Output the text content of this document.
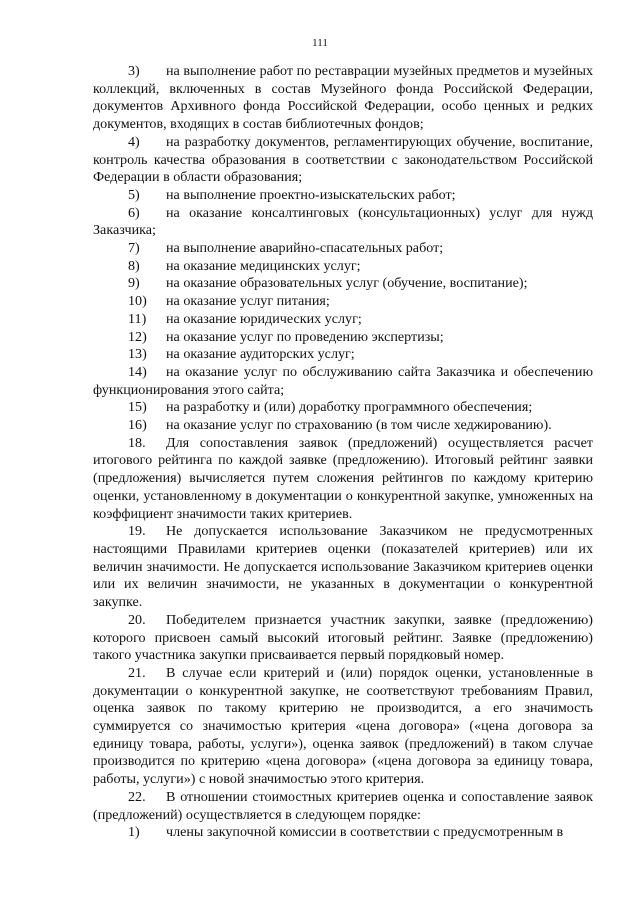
111

3) на выполнение работ по реставрации музейных предметов и музейных коллекций, включенных в состав Музейного фонда Российской Федерации, документов Архивного фонда Российской Федерации, особо ценных и редких документов, входящих в состав библиотечных фондов;

4) на разработку документов, регламентирующих обучение, воспитание, контроль качества образования в соответствии с законодательством Российской Федерации в области образования;

5) на выполнение проектно-изыскательских работ;

6) на оказание консалтинговых (консультационных) услуг для нужд Заказчика;

7) на выполнение аварийно-спасательных работ;

8) на оказание медицинских услуг;

9) на оказание образовательных услуг (обучение, воспитание);

10) на оказание услуг питания;

11) на оказание юридических услуг;

12) на оказание услуг по проведению экспертизы;

13) на оказание аудиторских услуг;

14) на оказание услуг по обслуживанию сайта Заказчика и обеспечению функционирования этого сайта;

15) на разработку и (или) доработку программного обеспечения;

16) на оказание услуг по страхованию (в том числе хеджированию).

18. Для сопоставления заявок (предложений) осуществляется расчет итогового рейтинга по каждой заявке (предложению). Итоговый рейтинг заявки (предложения) вычисляется путем сложения рейтингов по каждому критерию оценки, установленному в документации о конкурентной закупке, умноженных на коэффициент значимости таких критериев.

19. Не допускается использование Заказчиком не предусмотренных настоящими Правилами критериев оценки (показателей критериев) или их величин значимости. Не допускается использование Заказчиком критериев оценки или их величин значимости, не указанных в документации о конкурентной закупке.

20. Победителем признается участник закупки, заявке (предложению) которого присвоен самый высокий итоговый рейтинг. Заявке (предложению) такого участника закупки присваивается первый порядковый номер.

21. В случае если критерий и (или) порядок оценки, установленные в документации о конкурентной закупке, не соответствуют требованиям Правил, оценка заявок по такому критерию не производится, а его значимость суммируется со значимостью критерия «цена договора» («цена договора за единицу товара, работы, услуги»), оценка заявок (предложений) в таком случае производится по критерию «цена договора» («цена договора за единицу товара, работы, услуги») с новой значимостью этого критерия.

22. В отношении стоимостных критериев оценка и сопоставление заявок (предложений) осуществляется в следующем порядке:

1) члены закупочной комиссии в соответствии с предусмотренным в
